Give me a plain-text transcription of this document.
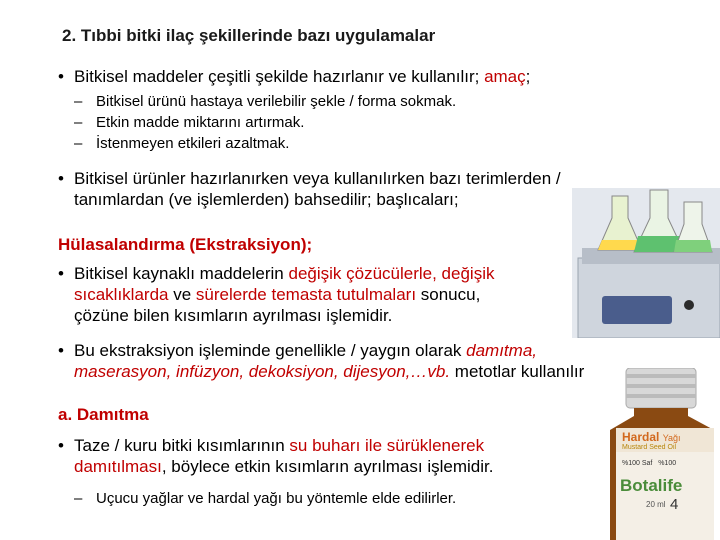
2. Tıbbi bitki ilaç şekillerinde bazı uygulamalar
• Bitkisel maddeler çeşitli şekilde hazırlanır ve kullanılır; amaç;
– Bitkisel ürünü hastaya verilebilir şekle / forma sokmak.
– Etkin madde miktarını artırmak.
– İstenmeyen etkileri azaltmak.
• Bitkisel ürünler hazırlanırken veya kullanılırken bazı terimlerden /
tanımlardan (ve işlemlerden) bahsedilir; başlıcaları;
Hülasalandırma (Ekstraksiyon);
• Bitkisel kaynaklı maddelerin değişik çözücülerle, değişik
sıcaklıklarda ve sürelerde temasta tutulmaları sonucu,
çözüne bilen kısımların ayrılması işlemidir.
• Bu ekstraksiyon işleminde genellikle / yaygın olarak damıtma,
maserasyon, infüzyon, dekoksiyon, dijesyon,…vb. metotlar kullanılır
a. Damıtma
• Taze / kuru bitki kısımlarının su buharı ile sürüklenerek
damıtılması, böylece etkin kısımların ayrılması işlemidir.
– Uçucu yağlar ve hardal yağı bu yöntemle elde edilirler.
Hardal Yağı
Mustard Seed Oil
%100 Saf %100
Botalife
20 ml 4
